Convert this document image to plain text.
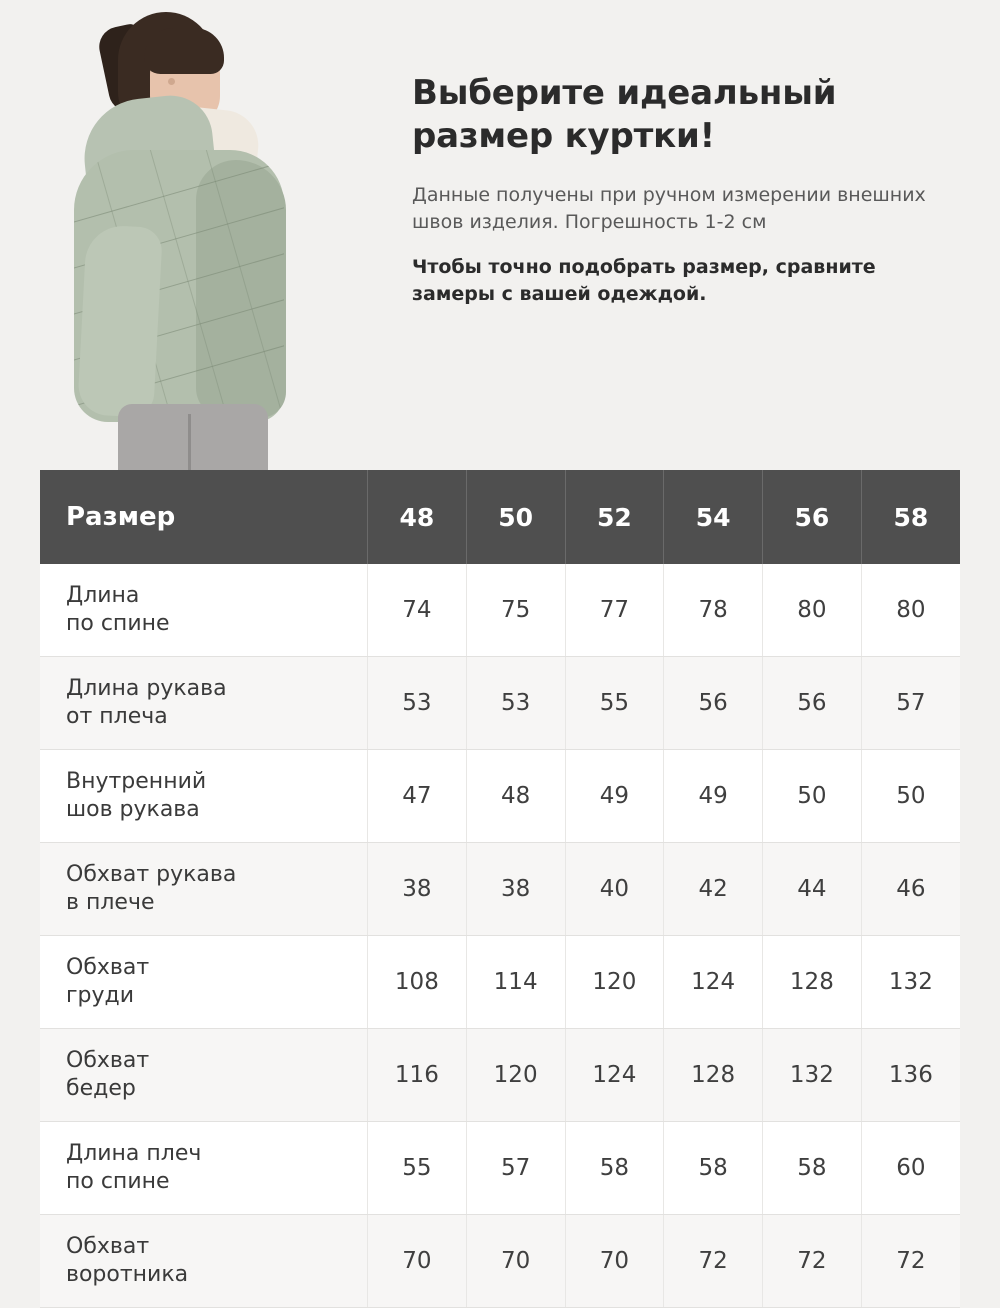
Выберите идеальный размер куртки!

Данные получены при ручном измерении внешних швов изделия. Погрешность 1-2 см

Чтобы точно подобрать размер, сравните замеры с вашей одеждой.

Размер	48	50	52	54	56	58
Длина
по спине	74	75	77	78	80	80
Длина рукава
от плеча	53	53	55	56	56	57
Внутренний
шов рукава	47	48	49	49	50	50
Обхват рукава
в плече	38	38	40	42	44	46
Обхват
груди	108	114	120	124	128	132
Обхват
бедер	116	120	124	128	132	136
Длина плеч
по спине	55	57	58	58	58	60
Обхват
воротника	70	70	70	72	72	72
